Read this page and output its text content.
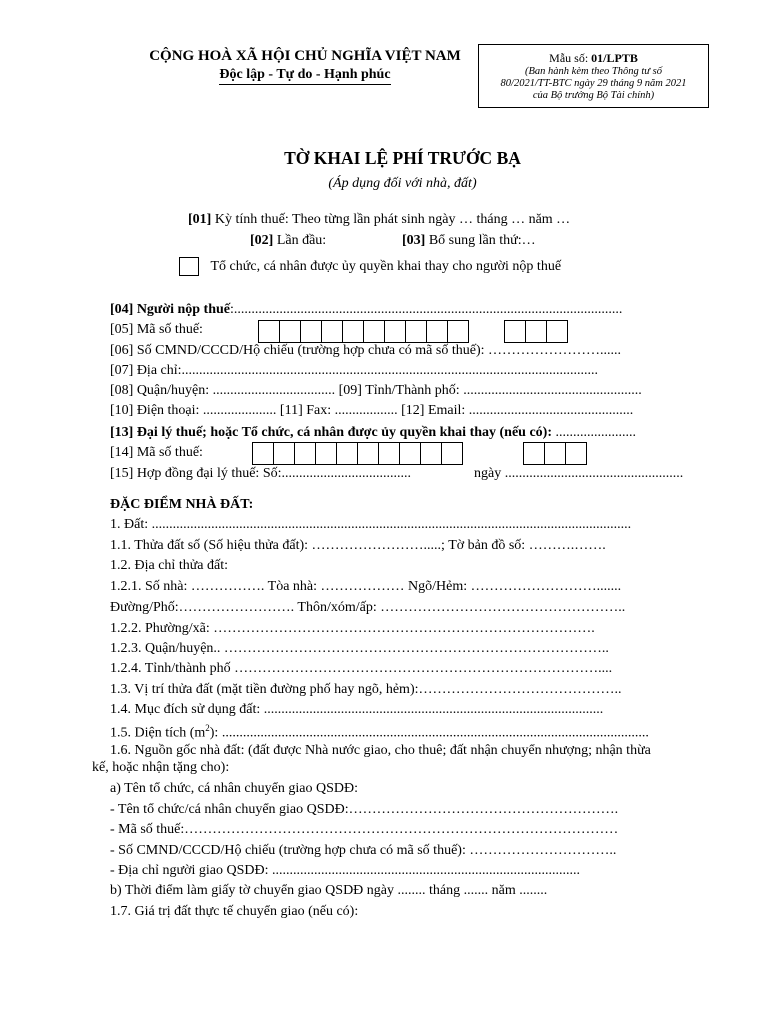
CỘNG HOÀ XÃ HỘI CHỦ NGHĨA VIỆT NAM
Độc lập - Tự do - Hạnh phúc
Mẫu số: 01/LPTB
(Ban hành kèm theo Thông tư số
80/2021/TT-BTC ngày 29 tháng 9 năm 2021
của Bộ trưởng Bộ Tài chính)
TỜ KHAI LỆ PHÍ TRƯỚC BẠ
(Áp dụng đối với nhà, đất)
[01] Kỳ tính thuế: Theo từng lần phát sinh ngày … tháng … năm …
[02] Lần đầu:	[03] Bổ sung lần thứ:…
Tổ chức, cá nhân được ủy quyền khai thay cho người nộp thuế
[04] Người nộp thuế:...............................................................................................................
[05] Mã số thuế:
[06] Số CMND/CCCD/Hộ chiếu (trường hợp chưa có mã số thuế): ……………………......
[07] Địa chỉ:.......................................................................................................................
[08] Quận/huyện: ................................... [09] Tỉnh/Thành phố: ...................................................
[10] Điện thoại: ..................... [11] Fax: .................. [12] Email: ...............................................
[13] Đại lý thuế; hoặc Tổ chức, cá nhân được ủy quyền khai thay (nếu có): .......................
[14] Mã số thuế:
[15] Hợp đồng đại lý thuế: Số:.....................................	ngày ...................................................
ĐẶC ĐIỂM NHÀ ĐẤT:
1. Đất: .........................................................................................................................................
1.1. Thửa đất số (Số hiệu thửa đất): …………………….....; Tờ bản đồ số: ……….…….
1.2. Địa chỉ thửa đất:
1.2.1. Số nhà: ……………. Tòa nhà: ……………… Ngõ/Hẻm: ……………………….......
Đường/Phố:……………………. Thôn/xóm/ấp: ……………………………………………..
1.2.2. Phường/xã: ……………………………………………………………………….
1.2.3. Quận/huyện.. ………………………………………………………………………..
1.2.4. Tỉnh/thành phố ……………………………………………………………………....
1.3. Vị trí thửa đất (mặt tiền đường phố hay ngõ, hẻm):……………………………………..
1.4. Mục đích sử dụng đất: .................................................................................................
1.5. Diện tích $(m^2)$: ..........................................................................................................................
1.6. Nguồn gốc nhà đất: (đất được Nhà nước giao, cho thuê; đất nhận chuyển nhượng; nhận thừa
kế, hoặc nhận tặng cho):
a) Tên tổ chức, cá nhân chuyển giao QSDĐ:
- Tên tổ chức/cá nhân chuyển giao QSDĐ:………………………………………………….
- Mã số thuế:…………………………………………………………………………………
- Số CMND/CCCD/Hộ chiếu (trường hợp chưa có mã số thuế): …………………………..
- Địa chỉ người giao QSDĐ: ........................................................................................
b) Thời điểm làm giấy tờ chuyển giao QSDĐ ngày ........ tháng ....... năm ........
1.7. Giá trị đất thực tế chuyển giao (nếu có):
